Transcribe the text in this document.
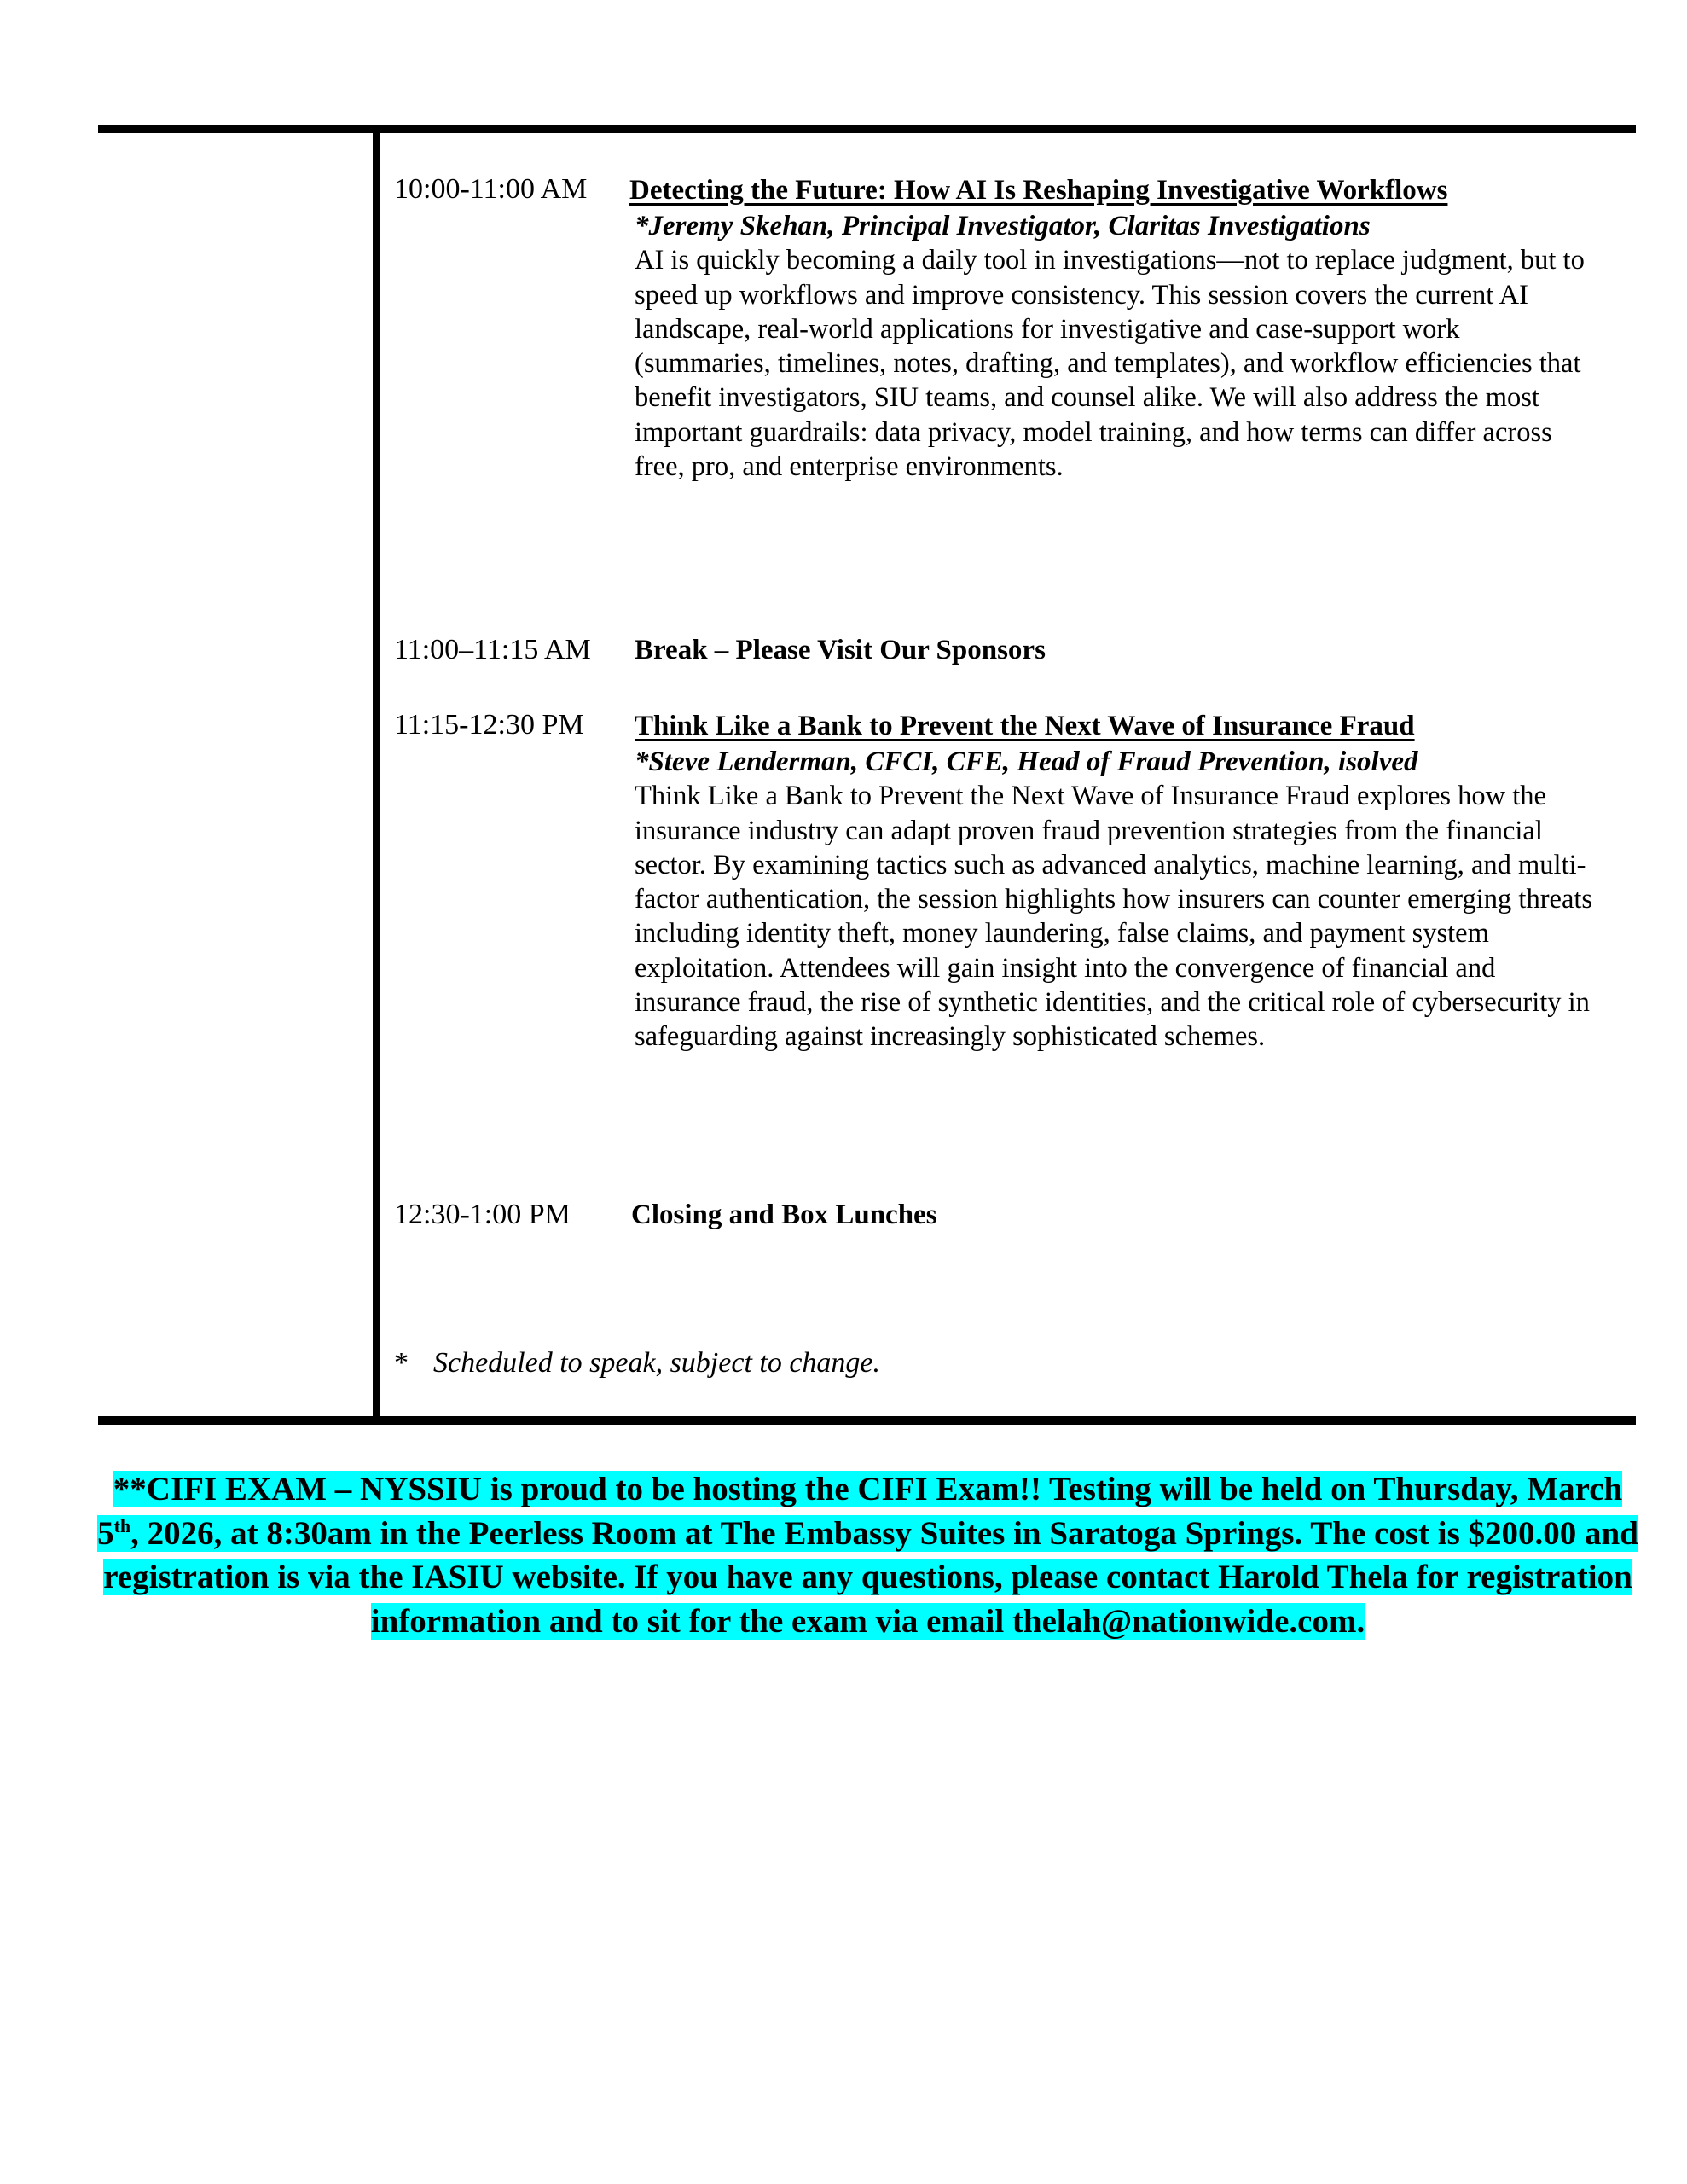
10:00-11:00 AM Detecting the Future: How AI Is Reshaping Investigative Workflows
*Jeremy Skehan, Principal Investigator, Claritas Investigations
AI is quickly becoming a daily tool in investigations—not to replace judgment, but to speed up workflows and improve consistency. This session covers the current AI landscape, real-world applications for investigative and case-support work (summaries, timelines, notes, drafting, and templates), and workflow efficiencies that benefit investigators, SIU teams, and counsel alike. We will also address the most important guardrails: data privacy, model training, and how terms can differ across free, pro, and enterprise environments.
11:00–11:15 AM Break – Please Visit Our Sponsors
11:15-12:30 PM Think Like a Bank to Prevent the Next Wave of Insurance Fraud
*Steve Lenderman, CFCI, CFE, Head of Fraud Prevention, isolved
Think Like a Bank to Prevent the Next Wave of Insurance Fraud explores how the insurance industry can adapt proven fraud prevention strategies from the financial sector. By examining tactics such as advanced analytics, machine learning, and multi-factor authentication, the session highlights how insurers can counter emerging threats including identity theft, money laundering, false claims, and payment system exploitation. Attendees will gain insight into the convergence of financial and insurance fraud, the rise of synthetic identities, and the critical role of cybersecurity in safeguarding against increasingly sophisticated schemes.
12:30-1:00 PM Closing and Box Lunches
* Scheduled to speak, subject to change.
**CIFI EXAM – NYSSIU is proud to be hosting the CIFI Exam!! Testing will be held on Thursday, March 5th, 2026, at 8:30am in the Peerless Room at The Embassy Suites in Saratoga Springs. The cost is $200.00 and registration is via the IASIU website. If you have any questions, please contact Harold Thela for registration information and to sit for the exam via email thelah@nationwide.com.
